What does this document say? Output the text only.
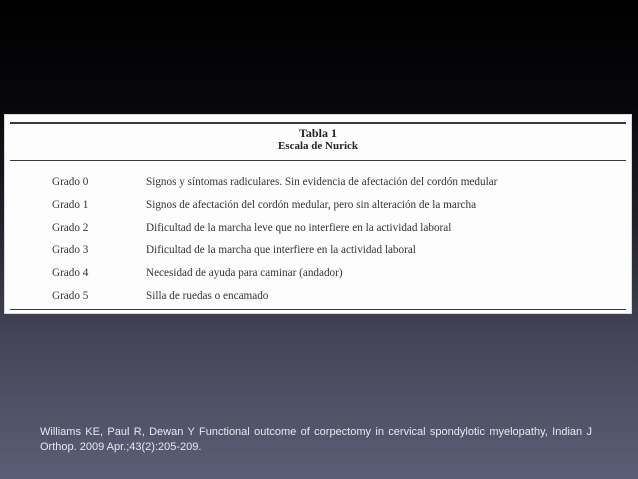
Tabla 1
Escala de Nurick
Grado 0	Signos y síntomas radiculares. Sin evidencia de afectación del cordón medular
Grado 1	Signos de afectación del cordón medular, pero sin alteración de la marcha
Grado 2	Dificultad de la marcha leve que no interfiere en la actividad laboral
Grado 3	Dificultad de la marcha que interfiere en la actividad laboral
Grado 4	Necesidad de ayuda para caminar (andador)
Grado 5	Silla de ruedas o encamado
Williams KE, Paul R, Dewan Y Functional outcome of corpectomy in cervical spondylotic myelopathy, Indian J Orthop. 2009 Apr.;43(2):205-209.
